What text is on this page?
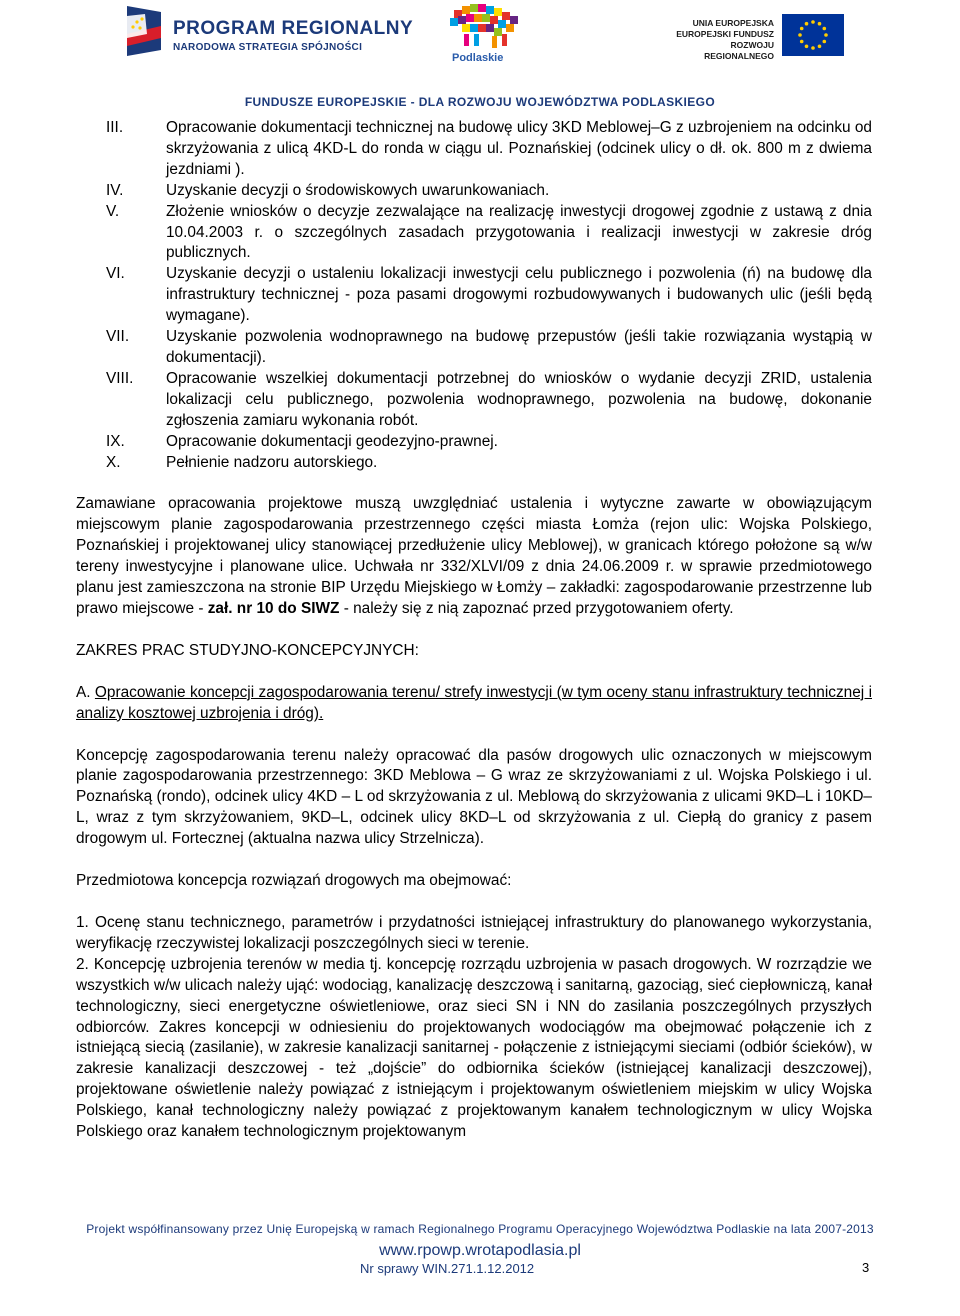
PROGRAM REGIONALNY
NARODOWA STRATEGIA SPÓJNOŚCI
Podlaskie
UNIA EUROPEJSKA
EUROPEJSKI FUNDUSZ
ROZWOJU REGIONALNEGO
FUNDUSZE EUROPEJSKIE - DLA ROZWOJU WOJEWÓDZTWA PODLASKIEGO
III.	Opracowanie dokumentacji technicznej na budowę ulicy 3KD Meblowej–G z uzbrojeniem na odcinku od skrzyżowania z ulicą 4KD-L do ronda w ciągu ul. Poznańskiej (odcinek ulicy o dł. ok. 800 m z dwiema jezdniami ).
IV.	Uzyskanie decyzji o środowiskowych uwarunkowaniach.
V.	Złożenie wniosków o decyzje zezwalające na realizację inwestycji drogowej zgodnie z ustawą z dnia 10.04.2003 r. o szczególnych zasadach przygotowania i realizacji inwestycji w zakresie dróg publicznych.
VI.	Uzyskanie decyzji o ustaleniu lokalizacji inwestycji celu publicznego i pozwolenia (ń) na budowę dla infrastruktury technicznej - poza pasami drogowymi rozbudowywanych i budowanych ulic (jeśli będą wymagane).
VII. Uzyskanie pozwolenia wodnoprawnego na budowę przepustów (jeśli takie rozwiązania wystąpią w dokumentacji).
VIII. Opracowanie wszelkiej dokumentacji potrzebnej do wniosków o wydanie decyzji ZRID, ustalenia lokalizacji celu publicznego, pozwolenia wodnoprawnego, pozwolenia na budowę, dokonanie zgłoszenia zamiaru wykonania robót.
IX.	Opracowanie dokumentacji geodezyjno-prawnej.
X.	Pełnienie nadzoru autorskiego.

Zamawiane opracowania projektowe muszą uwzględniać ustalenia i wytyczne zawarte w obowiązującym miejscowym planie zagospodarowania przestrzennego części miasta Łomża (rejon ulic: Wojska Polskiego, Poznańskiej i projektowanej ulicy stanowiącej przedłużenie ulicy Meblowej), w granicach którego położone są w/w tereny inwestycyjne i planowane ulice. Uchwała nr 332/XLVI/09 z dnia 24.06.2009 r. w sprawie przedmiotowego planu jest zamieszczona na stronie BIP Urzędu Miejskiego w Łomży – zakładki: zagospodarowanie przestrzenne lub prawo miejscowe - zał. nr 10 do SIWZ - należy się z nią zapoznać przed przygotowaniem oferty.

ZAKRES PRAC STUDYJNO-KONCEPCYJNYCH:

A. Opracowanie koncepcji zagospodarowania terenu/ strefy inwestycji (w tym oceny stanu infrastruktury technicznej i analizy kosztowej uzbrojenia i dróg).

Koncepcję zagospodarowania terenu należy opracować dla pasów drogowych ulic oznaczonych w miejscowym planie zagospodarowania przestrzennego: 3KD Meblowa – G wraz ze skrzyżowaniami z ul. Wojska Polskiego i ul. Poznańską (rondo), odcinek ulicy 4KD – L od skrzyżowania z ul. Meblową do skrzyżowania z ulicami 9KD–L i 10KD–L, wraz z tym skrzyżowaniem, 9KD–L, odcinek ulicy 8KD–L od skrzyżowania z ul. Ciepłą do granicy z pasem drogowym ul. Fortecznej (aktualna nazwa ulicy Strzelnicza).

Przedmiotowa koncepcja rozwiązań drogowych ma obejmować:

1. Ocenę stanu technicznego, parametrów i przydatności istniejącej infrastruktury do planowanego wykorzystania, weryfikację rzeczywistej lokalizacji poszczególnych sieci w terenie.

2. Koncepcję uzbrojenia terenów w media tj. koncepcję rozrządu uzbrojenia w pasach drogowych. W rozrządzie we wszystkich w/w ulicach należy ująć: wodociąg, kanalizację deszczową i sanitarną, gazociąg, sieć ciepłowniczą, kanał technologiczny, sieci energetyczne oświetleniowe, oraz sieci SN i NN do zasilania poszczególnych przyszłych odbiorców. Zakres koncepcji w odniesieniu do projektowanych wodociągów ma obejmować połączenie ich z istniejącą siecią (zasilanie), w zakresie kanalizacji sanitarnej - połączenie z istniejącymi sieciami (odbiór ścieków), w zakresie kanalizacji deszczowej - też „dojście” do odbiornika ścieków (istniejącej kanalizacji deszczowej), projektowane oświetlenie należy powiązać z istniejącym i projektowanym oświetleniem miejskim w ulicy Wojska Polskiego, kanał technologiczny należy powiązać z projektowanym kanałem technologicznym w ulicy Wojska Polskiego oraz kanałem technologicznym projektowanym

Projekt współfinansowany przez Unię Europejską w ramach Regionalnego Programu Operacyjnego Województwa Podlaskie na lata 2007-2013
www.rpowp.wrotapodlasia.pl
Nr sprawy WIN.271.1.12.2012	3
